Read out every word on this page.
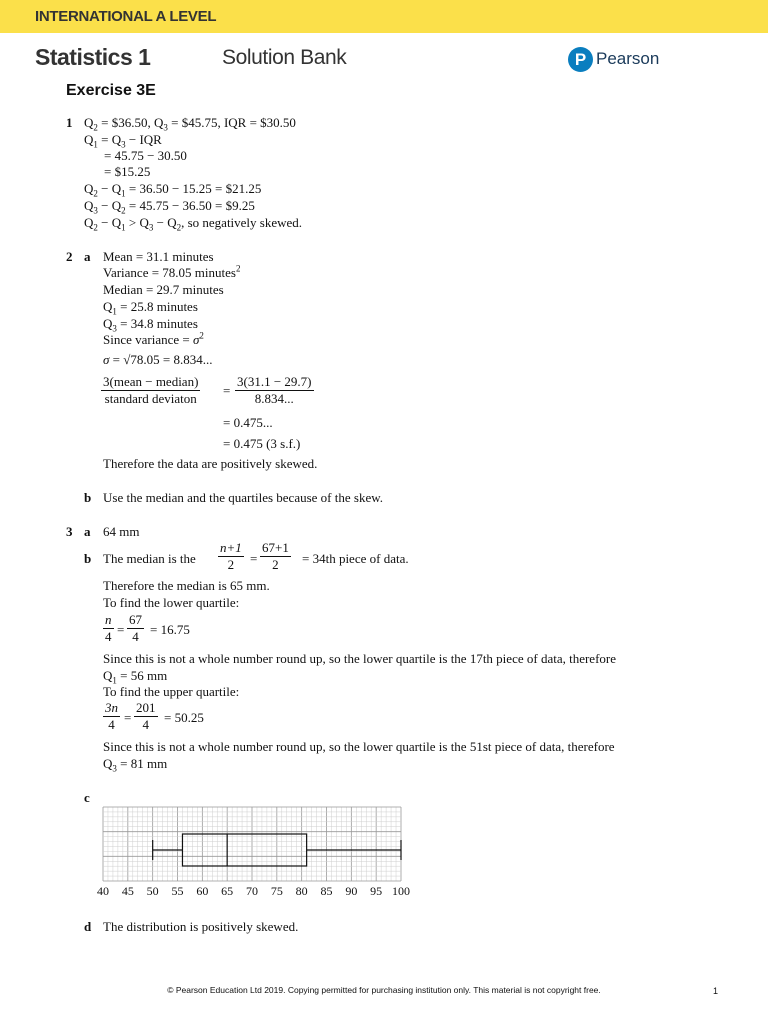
INTERNATIONAL A LEVEL
Statistics 1	Solution Bank	P Pearson
Exercise 3E
1 $Q_2$ = $36.50, $Q_3$ = $45.75, IQR = $30.50
$Q_1 = Q_3$ − IQR
= 45.75 − 30.50
= $15.25
$Q_2 - Q_1 = 36.50 - 15.25$ = $21.25
$Q_3 - Q_2 = 45.75 - 36.50$ = $9.25
$Q_2 - Q_1 > Q_3 - Q_2$, so negatively skewed.
2 a Mean = 31.1 minutes
Variance = 78.05 minutes$^2$
Median = 29.7 minutes
$Q_1 = 25.8$ minutes
$Q_3 = 34.8$ minutes
Since variance = $\sigma^2$
σ = √78.05 = 8.834...
3(mean − median)
standard deviaton
= $\frac{3(31.1 - 29.7)}{8.834...}$
= 0.475...
= 0.475 (3 s.f.)
Therefore the data are positively skewed.
b Use the median and the quartiles because of the skew.
3 a 64 mm
b The median is the $\frac{n+1}{2} = \frac{67+1}{2} = 34th$ piece of data.
Therefore the median is 65 mm.
To find the lower quartile:
$\frac{n}{4} = \frac{67}{4} = 16.75$
Since this is not a whole number round up, so the lower quartile is the 17th piece of data, therefore
$Q_1 = 56$ mm
To find the upper quartile:
$\frac{3n}{4} = \frac{201}{4} = 50.25$
Since this is not a whole number round up, so the lower quartile is the 51st piece of data, therefore
$Q_3 = 81$ mm
c
40 45 50 55 60 65 70 75 80 85 90 95 100
d The distribution is positively skewed.
© Pearson Education Ltd 2019. Copying permitted for purchasing institution only. This material is not copyright free.	1
